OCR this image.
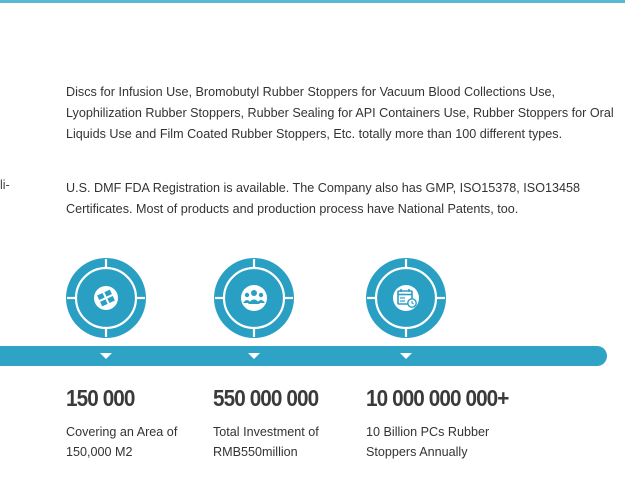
li-

Discs for Infusion Use, Bromobutyl Rubber Stoppers for Vacuum Blood Collections Use, Lyophilization Rubber Stoppers, Rubber Sealing for API Containers Use, Rubber Stoppers for Oral Liquids Use and Film Coated Rubber Stoppers, Etc. totally more than 100 different types.

U.S. DMF FDA Registration is available. The Company also has GMP, ISO15378, ISO13458 Certificates. Most of products and production process have National Patents, too.

150 000	550 000 000 10 000 000 000+
Covering an Area of 150,000 M2
Total Investment of RMB550million
10 Billion PCs Rubber Stoppers Annually
